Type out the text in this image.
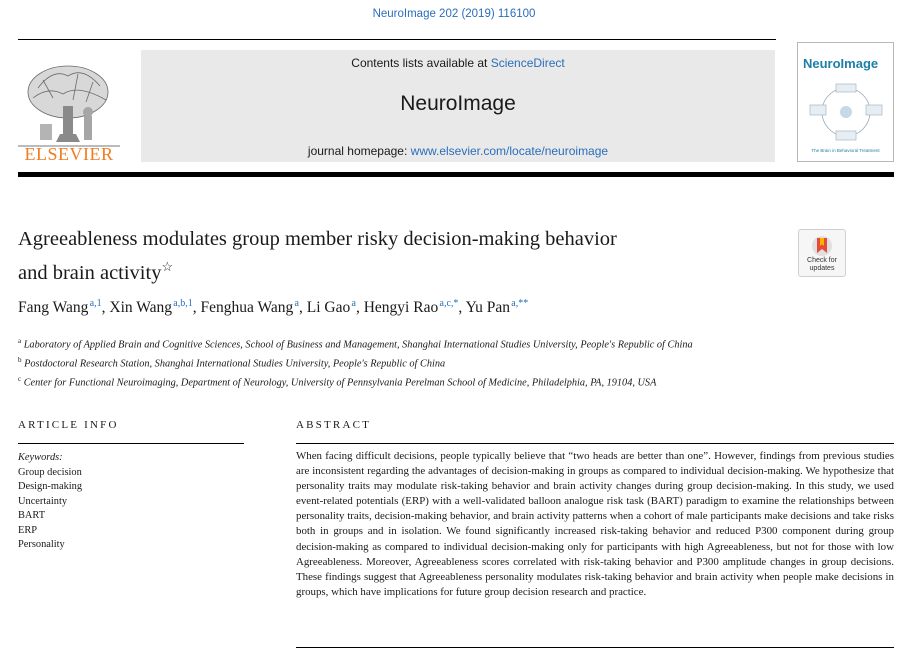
NeuroImage 202 (2019) 116100
ELSEVIER
Contents lists available at ScienceDirect
NeuroImage
journal homepage: www.elsevier.com/locate/neuroimage
NeuroImage
The Brain in Behavioral Treatment
Agreeableness modulates group member risky decision-making behavior
and brain activity☆	Check for
updates
Fang Wang $^{a,1}$, Xin Wang $^{a,b,1}$, Fenghua Wang $^a$, Li Gao $^a$, Hengyi Rao $^{a,c,*}$, Yu Pan $^{a,**}$
$^a$ Laboratory of Applied Brain and Cognitive Sciences, School of Business and Management, Shanghai International Studies University, People's Republic of China
$^b$ Postdoctoral Research Station, Shanghai International Studies University, People's Republic of China
$^c$ Center for Functional Neuroimaging, Department of Neurology, University of Pennsylvania Perelman School of Medicine, Philadelphia, PA, 19104, USA
ARTICLE INFO
Keywords:
Group decision
Design-making
Uncertainty
BART
ERP
Personality
ABSTRACT
When facing difficult decisions, people typically believe that “two heads are better than one”. However, findings from previous studies are inconsistent regarding the advantages of decision-making in groups as compared to individual decision-making. We hypothesize that personality traits may modulate risk-taking behavior and brain activity changes during group decision-making. In this study, we used event-related potentials (ERP) with a well-validated balloon analogue risk task (BART) paradigm to examine the relationships between personality traits, decision-making behavior, and brain activity patterns when a cohort of male participants make decisions and take risks both in groups and in isolation. We found significantly increased risk-taking behavior and reduced P300 component during group decision-making as compared to individual decision-making only for participants with high Agreeableness, but not for those with low Agreeableness. Moreover, Agreeableness scores correlated with risk-taking behavior and P300 amplitude changes in group decisions. These findings suggest that Agreeableness personality modulates risk-taking behavior and brain activity when people make decisions in groups, which have implications for future group decision research and practice.
